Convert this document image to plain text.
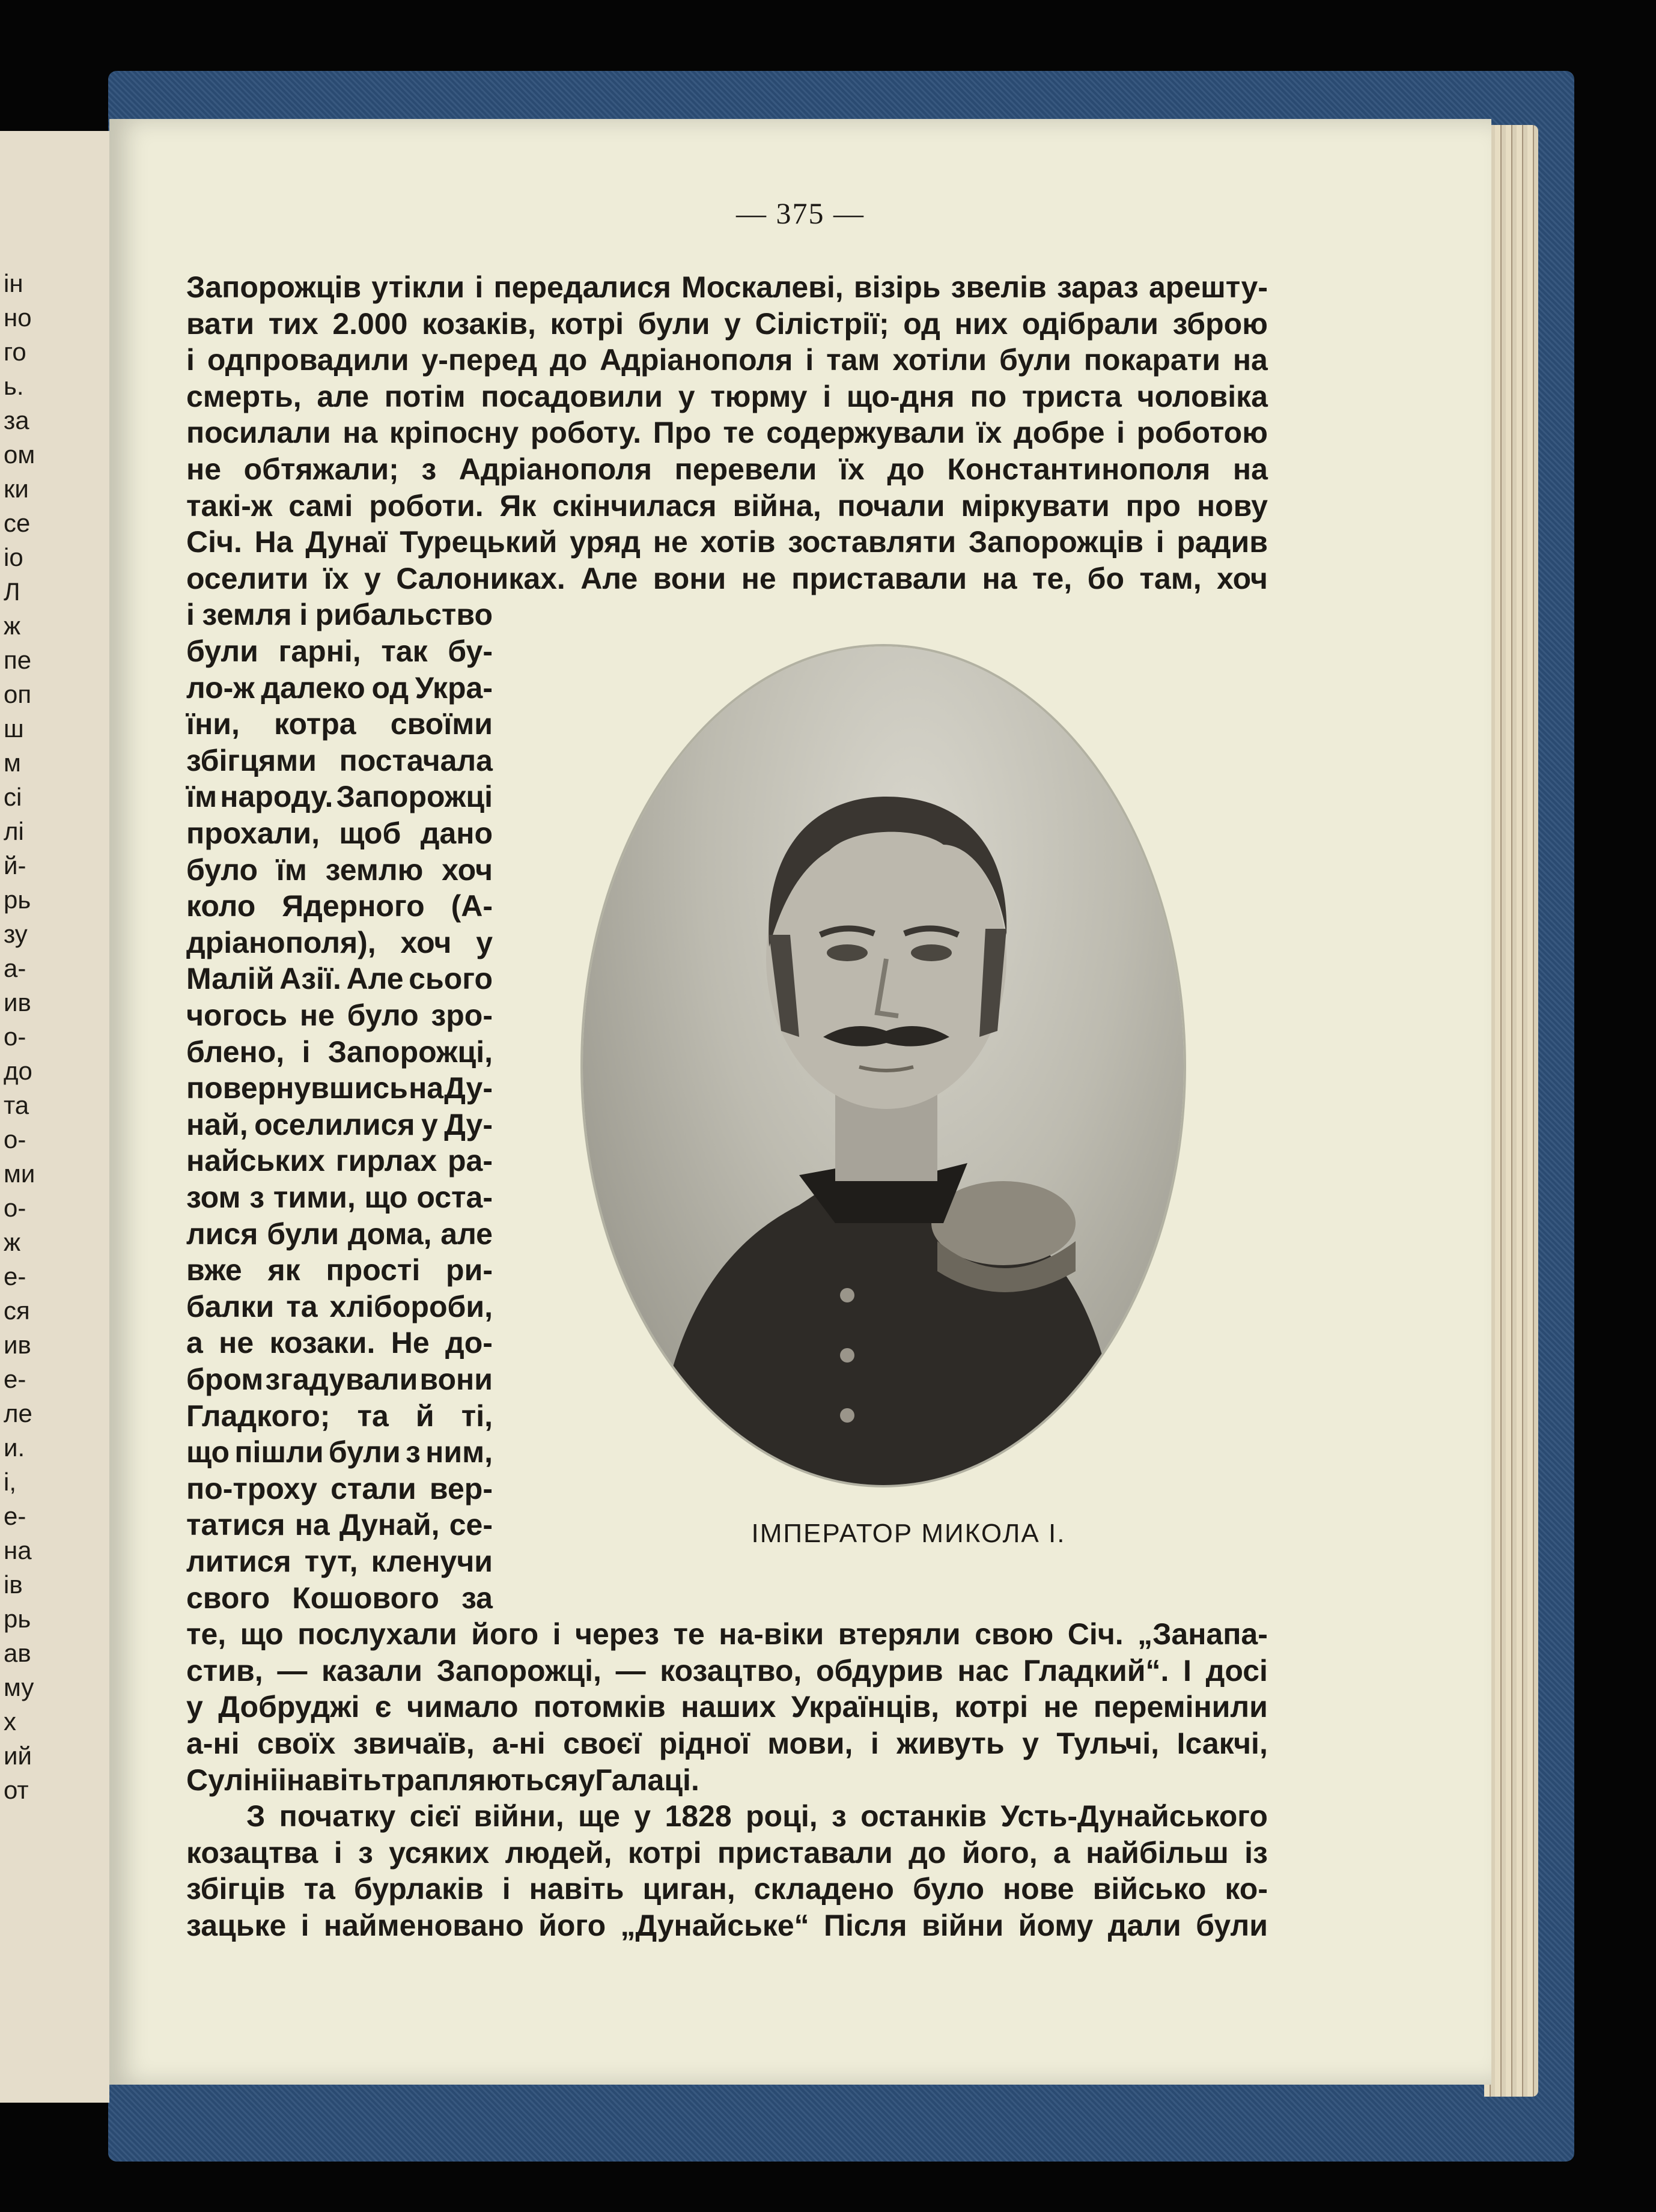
ін
но
го
ь.
за
ом
ки
се
іо
Л
ж
пе
оп
ш
м
сі
лі
й-
рь
зу
а-
ив
о-
до
та
о-
ми
о-
ж
е-
ся
ив
е-
ле
и.
і,
е-
на
ів
рь
ав
му
х
ий
от
— 375 —
ІМПЕРАТОР МИКОЛА І.
Запорожців утікли і передалися Москалеві, візірь звелів зараз арешту-
вати тих 2.000 козаків, котрі були у Сілістрії; од них одібрали зброю
і одпровадили у-перед до Адріанополя і там хотіли були покарати на
смерть, але потім посадовили у тюрму і що-дня по триста чоловіка
посилали на кріпосну роботу. Про те содержували їх добре і роботою
не обтяжали; з Адріанополя перевели їх до Константинополя на
такі-ж самі роботи. Як скінчилася війна, почали міркувати про нову
Січ. На Дунаї Турецький уряд не хотів зоставляти Запорожців і радив
оселити їх у Салониках. Але вони не приставали на те, бо там, хоч
і земля і рибальство
були гарні, так бу-
ло-ж далеко од Укра-
їни, котра своїми
збігцями постачала
їм народу. Запорожці
прохали, щоб дано
було їм землю хоч
коло Ядерного (А-
дріанополя), хоч у
Малій Азії. Але сього
чогось не було зро-
блено, і Запорожці,
повернувшись на Ду-
най, оселилися у Ду-
найських гирлах ра-
зом з тими, що оста-
лися були дома, але
вже як прості ри-
балки та хлібороби,
а не козаки. Не до-
бром згадували вони
Гладкого; та й ті,
що пішли були з ним,
по-троху стали вер-
татися на Дунай, се-
литися тут, кленучи
свого Кошового за
те, що послухали його і через те на-віки втеряли свою Січ. „Занапа-
стив, — казали Запорожці, — козацтво, обдурив нас Гладкий“. І досі
у Добруджі є чимало потомків наших Українців, котрі не перемінили
а-ні своїх звичаїв, а-ні своєї рідної мови, і живуть у Тульчі, Ісакчі,
Суліні і навіть трапляються у Галаці.
З початку сієї війни, ще у 1828 році, з останків Усть-Дунайського
козацтва і з усяких людей, котрі приставали до його, а найбільш із
збігців та бурлаків і навіть циган, складено було нове військо ко-
зацьке і найменовано його „Дунайське“ Після війни йому дали були
